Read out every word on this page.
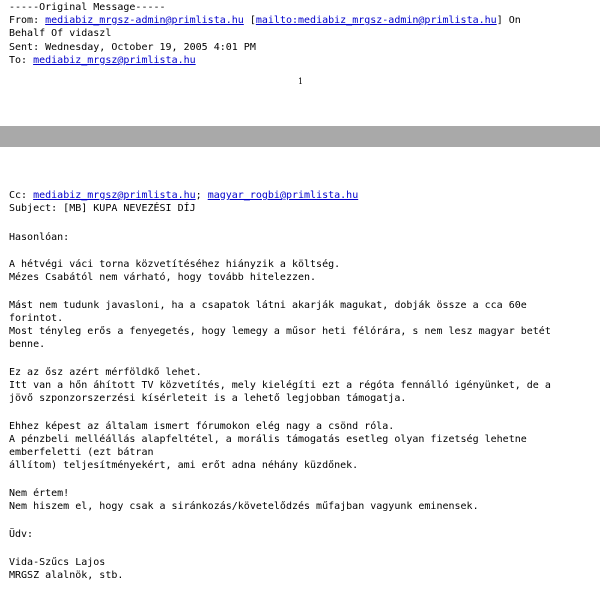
-----Original Message-----
From: mediabiz_mrgsz-admin@primlista.hu [mailto:mediabiz_mrgsz-admin@primlista.hu] On
Behalf Of vidaszl
Sent: Wednesday, October 19, 2005 4:01 PM
To: mediabiz_mrgsz@primlista.hu
1
Cc: mediabiz_mrgsz@primlista.hu; magyar_rogbi@primlista.hu
Subject: [MB] KUPA NEVEZÉSI DÍJ
Hasonlóan:
A hétvégi váci torna közvetítéséhez hiányzik a költség.
Mézes Csabától nem várható, hogy tovább hitelezzen.
Mást nem tudunk javasloni, ha a csapatok látni akarják magukat, dobják össze a cca 60e
forintot.
Most tényleg erős a fenyegetés, hogy lemegy a műsor heti félórára, s nem lesz magyar betét
benne.
Ez az ősz azért mérföldkő lehet.
Itt van a hőn áhított TV közvetítés, mely kielégíti ezt a régóta fennálló igényünket, de a
jövő szponzorszerzési kísérleteit is a lehető legjobban támogatja.
Ehhez képest az általam ismert fórumokon elég nagy a csönd róla.
A pénzbeli melléállás alapfeltétel, a morális támogatás esetleg olyan fizetség lehetne
emberfeletti (ezt bátran
állítom) teljesítményekért, ami erőt adna néhány küzdőnek.
Nem értem!
Nem hiszem el, hogy csak a siránkozás/követelődzés műfajban vagyunk eminensek.
Üdv:
Vida-Szűcs Lajos
MRGSZ alalnök, stb.
